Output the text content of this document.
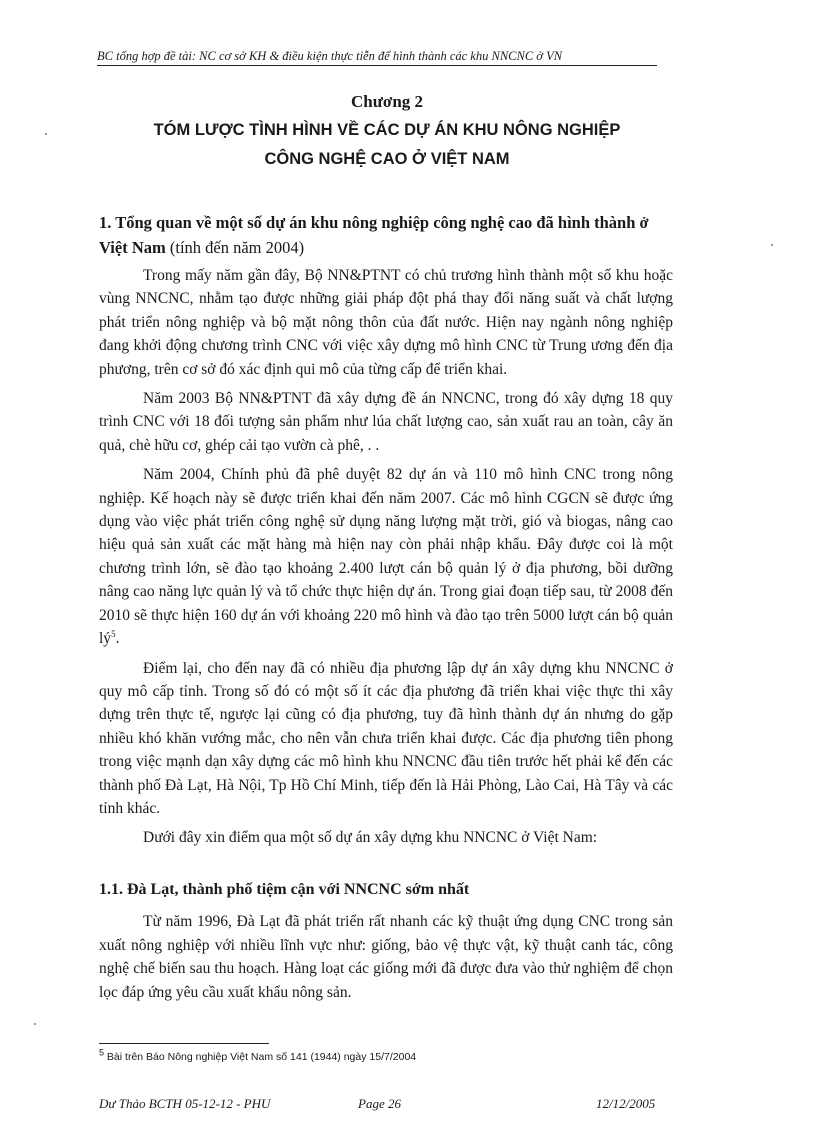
BC tổng hợp đề tài: NC cơ sở KH & điều kiện thực tiễn để hình thành các khu NNCNC ở VN
Chương 2
TÓM LƯỢC TÌNH HÌNH VỀ CÁC DỰ ÁN KHU NÔNG NGHIỆP
CÔNG NGHỆ CAO Ở VIỆT NAM
1. Tổng quan về một số dự án khu nông nghiệp công nghệ cao đã hình thành ở Việt Nam (tính đến năm 2004)

Trong mấy năm gần đây, Bộ NN&PTNT có chủ trương hình thành một số khu hoặc vùng NNCNC, nhằm tạo được những giải pháp đột phá thay đổi năng suất và chất lượng phát triển nông nghiệp và bộ mặt nông thôn của đất nước. Hiện nay ngành nông nghiệp đang khởi động chương trình CNC với việc xây dựng mô hình CNC từ Trung ương đến địa phương, trên cơ sở đó xác định qui mô của từng cấp để triển khai.

Năm 2003 Bộ NN&PTNT đã xây dựng đề án NNCNC, trong đó xây dựng 18 quy trình CNC với 18 đối tượng sản phẩm như lúa chất lượng cao, sản xuất rau an toàn, cây ăn quả, chè hữu cơ, ghép cải tạo vườn cà phê, . .

Năm 2004, Chính phủ đã phê duyệt 82 dự án và 110 mô hình CNC trong nông nghiệp. Kế hoạch này sẽ được triển khai đến năm 2007. Các mô hình CGCN sẽ được ứng dụng vào việc phát triển công nghệ sử dụng năng lượng mặt trời, gió và biogas, nâng cao hiệu quả sản xuất các mặt hàng mà hiện nay còn phải nhập khẩu. Đây được coi là một chương trình lớn, sẽ đào tạo khoảng 2.400 lượt cán bộ quản lý ở địa phương, bồi dưỡng nâng cao năng lực quản lý và tổ chức thực hiện dự án. Trong giai đoạn tiếp sau, từ 2008 đến 2010 sẽ thực hiện 160 dự án với khoảng 220 mô hình và đào tạo trên 5000 lượt cán bộ quản $lý^5$.

Điểm lại, cho đến nay đã có nhiều địa phương lập dự án xây dựng khu NNCNC ở quy mô cấp tỉnh. Trong số đó có một số ít các địa phương đã triển khai việc thực thi xây dựng trên thực tế, ngược lại cũng có địa phương, tuy đã hình thành dự án nhưng do gặp nhiều khó khăn vướng mắc, cho nên vẫn chưa triển khai được. Các địa phương tiên phong trong việc mạnh dạn xây dựng các mô hình khu NNCNC đầu tiên trước hết phải kể đến các thành phố Đà Lạt, Hà Nội, Tp Hồ Chí Minh, tiếp đến là Hải Phòng, Lào Cai, Hà Tây và các tỉnh khác.

Dưới đây xin điểm qua một số dự án xây dựng khu NNCNC ở Việt Nam:

1.1. Đà Lạt, thành phố tiệm cận với NNCNC sớm nhất

Từ năm 1996, Đà Lạt đã phát triển rất nhanh các kỹ thuật ứng dụng CNC trong sản xuất nông nghiệp với nhiều lĩnh vực như: giống, bảo vệ thực vật, kỹ thuật canh tác, công nghệ chế biến sau thu hoạch. Hàng loạt các giống mới đã được đưa vào thử nghiệm để chọn lọc đáp ứng yêu cầu xuất khẩu nông sản.

$^5$ Bài trên Báo Nông nghiệp Việt Nam số 141 (1944) ngày 15/7/2004
Dư Thảo BCTH 05-12-12 - PHU	Page 26	12/12/2005
